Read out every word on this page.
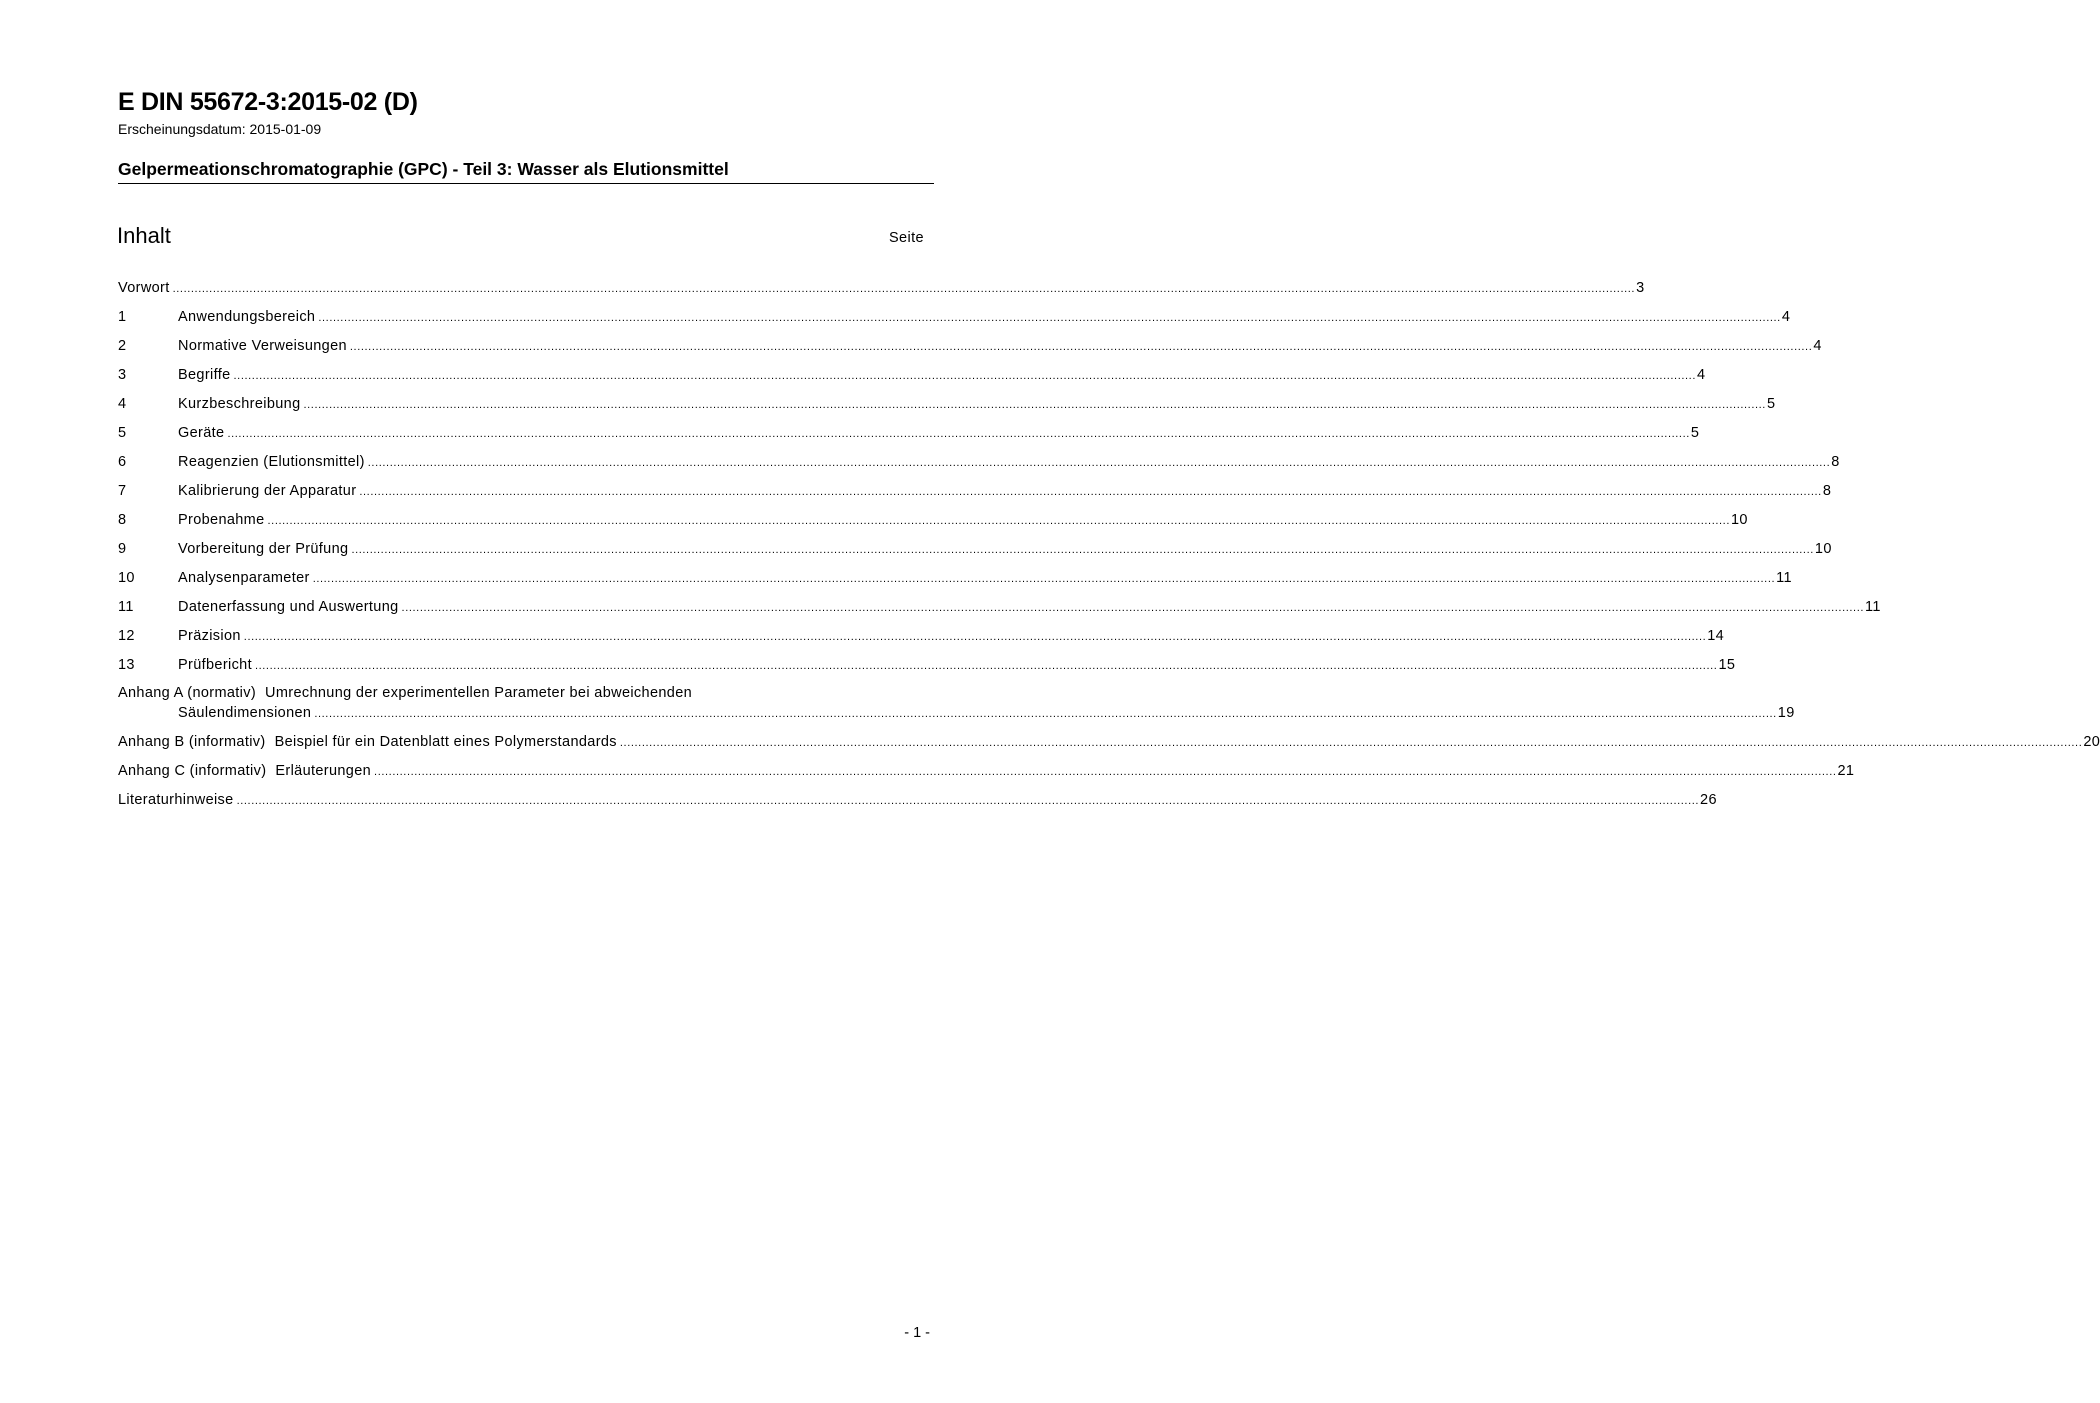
E DIN 55672-3:2015-02 (D)
Erscheinungsdatum: 2015-01-09
Gelpermeationschromatographie (GPC) - Teil 3: Wasser als Elutionsmittel
Inhalt	Seite
Vorwort ................................................................................................................................................................................................................................................................................................................................................................................................................ 3
1	Anwendungsbereich ................................................................................................................................................................................................................................................................................................................................................................................................................ 4
2	Normative Verweisungen ................................................................................................................................................................................................................................................................................................................................................................................................................ 4
3	Begriffe ................................................................................................................................................................................................................................................................................................................................................................................................................ 4
4	Kurzbeschreibung ................................................................................................................................................................................................................................................................................................................................................................................................................ 5
5	Geräte ................................................................................................................................................................................................................................................................................................................................................................................................................ 5
6	Reagenzien (Elutionsmittel) ................................................................................................................................................................................................................................................................................................................................................................................................................ 8
7	Kalibrierung der Apparatur ................................................................................................................................................................................................................................................................................................................................................................................................................ 8
8	Probenahme ................................................................................................................................................................................................................................................................................................................................................................................................................ 10
9	Vorbereitung der Prüfung ................................................................................................................................................................................................................................................................................................................................................................................................................ 10
10	Analysenparameter ................................................................................................................................................................................................................................................................................................................................................................................................................ 11
11	Datenerfassung und Auswertung ................................................................................................................................................................................................................................................................................................................................................................................................................ 11
12	Präzision ................................................................................................................................................................................................................................................................................................................................................................................................................ 14
13	Prüfbericht ................................................................................................................................................................................................................................................................................................................................................................................................................ 15
Anhang A (normativ) Umrechnung der experimentellen Parameter bei abweichenden
Säulendimensionen ................................................................................................................................................................................................................................................................................................................................................................................................................ 19
Anhang B (informativ) Beispiel für ein Datenblatt eines Polymerstandards ................................................................................................................................................................................................................................................................................................................................................................................................................ 20
Anhang C (informativ) Erläuterungen ................................................................................................................................................................................................................................................................................................................................................................................................................ 21
Literaturhinweise ................................................................................................................................................................................................................................................................................................................................................................................................................ 26
- 1 -
